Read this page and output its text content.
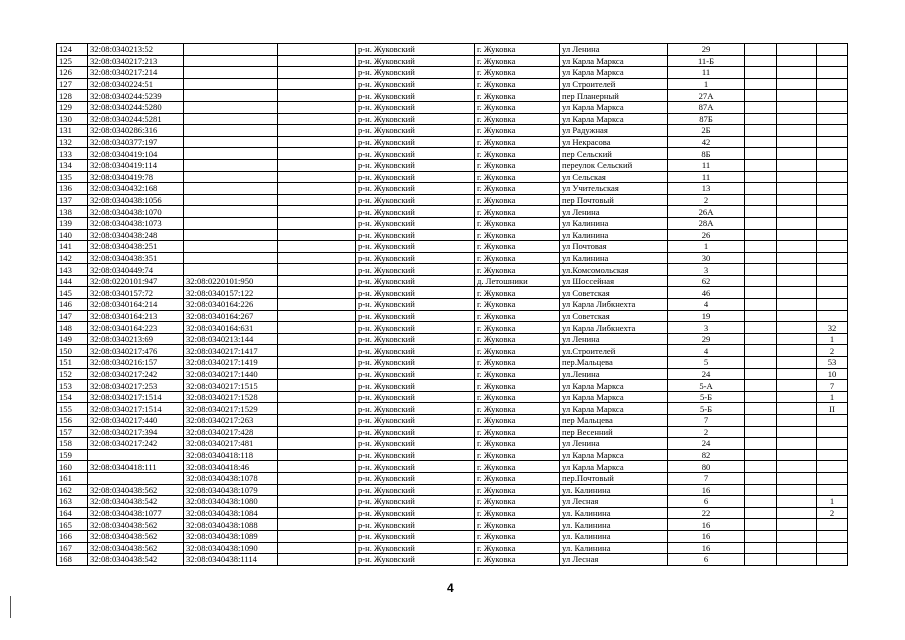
124	32:08:0340213:52			р-н. Жуковский	г. Жуковка	ул Ленина	29			
125	32:08:0340217:213			р-н. Жуковский	г. Жуковка	ул Карла Маркса	11-Б			
126	32:08:0340217:214			р-н. Жуковский	г. Жуковка	ул Карла Маркса	11			
127	32:08:0340224:51			р-н. Жуковский	г. Жуковка	ул Строителей	1			
128	32:08:0340244:5239			р-н. Жуковский	г. Жуковка	пер Планерный	27А			
129	32:08:0340244:5280			р-н. Жуковский	г. Жуковка	ул Карла Маркса	87А			
130	32:08:0340244:5281			р-н. Жуковский	г. Жуковка	ул Карла Маркса	87Б			
131	32:08:0340286:316			р-н. Жуковский	г. Жуковка	ул Радужная	2Б			
132	32:08:0340377:197			р-н. Жуковский	г. Жуковка	ул Некрасова	42			
133	32:08:0340419:104			р-н. Жуковский	г. Жуковка	пер Сельский	8Б			
134	32:08:0340419:114			р-н. Жуковский	г. Жуковка	переулок Сельский	11			
135	32:08:0340419:78			р-н. Жуковский	г. Жуковка	ул Сельская	11			
136	32:08:0340432:168			р-н. Жуковский	г. Жуковка	ул Учительская	13			
137	32:08:0340438:1056			р-н. Жуковский	г. Жуковка	пер Почтовый	2			
138	32:08:0340438:1070			р-н. Жуковский	г. Жуковка	ул Ленина	26А			
139	32:08:0340438:1073			р-н. Жуковский	г. Жуковка	ул Калинина	28А			
140	32:08:0340438:248			р-н. Жуковский	г. Жуковка	ул Калинина	26			
141	32:08:0340438:251			р-н. Жуковский	г. Жуковка	ул Почтовая	1			
142	32:08:0340438:351			р-н. Жуковский	г. Жуковка	ул Калинина	30			
143	32:08:0340449:74			р-н. Жуковский	г. Жуковка	ул.Комсомольская	3			
144	32:08:0220101:947	32:08:0220101:950		р-н. Жуковский	д. Летошники	ул Шоссейная	62			
145	32:08:0340157:72	32:08:0340157:122		р-н. Жуковский	г. Жуковка	ул Советская	46			
146	32:08:0340164:214	32:08:0340164:226		р-н. Жуковский	г. Жуковка	ул Карла Либкнехта	4			
147	32:08:0340164:213	32:08:0340164:267		р-н. Жуковский	г. Жуковка	ул Советская	19			
148	32:08:0340164:223	32:08:0340164:631		р-н. Жуковский	г. Жуковка	ул Карла Либкнехта	3			32
149	32:08:0340213:69	32:08:0340213:144		р-н. Жуковский	г. Жуковка	ул Ленина	29			1
150	32:08:0340217:476	32:08:0340217:1417		р-н. Жуковский	г. Жуковка	ул.Строителей	4			2
151	32:08:0340216:157	32:08:0340217:1419		р-н. Жуковский	г. Жуковка	пер.Мальцева	5			53
152	32:08:0340217:242	32:08:0340217:1440		р-н. Жуковский	г. Жуковка	ул.Ленина	24			10
153	32:08:0340217:253	32:08:0340217:1515		р-н. Жуковский	г. Жуковка	ул Карла Маркса	5-А			7
154	32:08:0340217:1514	32:08:0340217:1528		р-н. Жуковский	г. Жуковка	ул Карла Маркса	5-Б			1
155	32:08:0340217:1514	32:08:0340217:1529		р-н. Жуковский	г. Жуковка	ул Карла Маркса	5-Б			II
156	32:08:0340217:440	32:08:0340217:263		р-н. Жуковский	г. Жуковка	пер Мальцева	7			
157	32:08:0340217:394	32:08:0340217:428		р-н. Жуковский	г. Жуковка	пер Весенний	2			
158	32:08:0340217:242	32:08:0340217:481		р-н. Жуковский	г. Жуковка	ул Ленина	24			
159		32:08:0340418:118		р-н. Жуковский	г. Жуковка	ул Карла Маркса	82			
160	32:08:0340418:111	32:08:0340418:46		р-н. Жуковский	г. Жуковка	ул Карла Маркса	80			
161		32:08:0340438:1078		р-н. Жуковский	г. Жуковка	пер.Почтовый	7			
162	32:08:0340438:562	32:08:0340438:1079		р-н. Жуковский	г. Жуковка	ул. Калинина	16			
163	32:08:0340438:542	32:08:0340438:1080		р-н. Жуковский	г. Жуковка	ул Лесная	6			1
164	32:08:0340438:1077	32:08:0340438:1084		р-н. Жуковский	г. Жуковка	ул. Калинина	22			2
165	32:08:0340438:562	32:08:0340438:1088		р-н. Жуковский	г. Жуковка	ул. Калинина	16			
166	32:08:0340438:562	32:08:0340438:1089		р-н. Жуковский	г. Жуковка	ул. Калинина	16			
167	32:08:0340438:562	32:08:0340438:1090		р-н. Жуковский	г. Жуковка	ул. Калинина	16			
168	32:08:0340438:542	32:08:0340438:1114		р-н. Жуковский	г. Жуковка	ул Лесная	6			
4
